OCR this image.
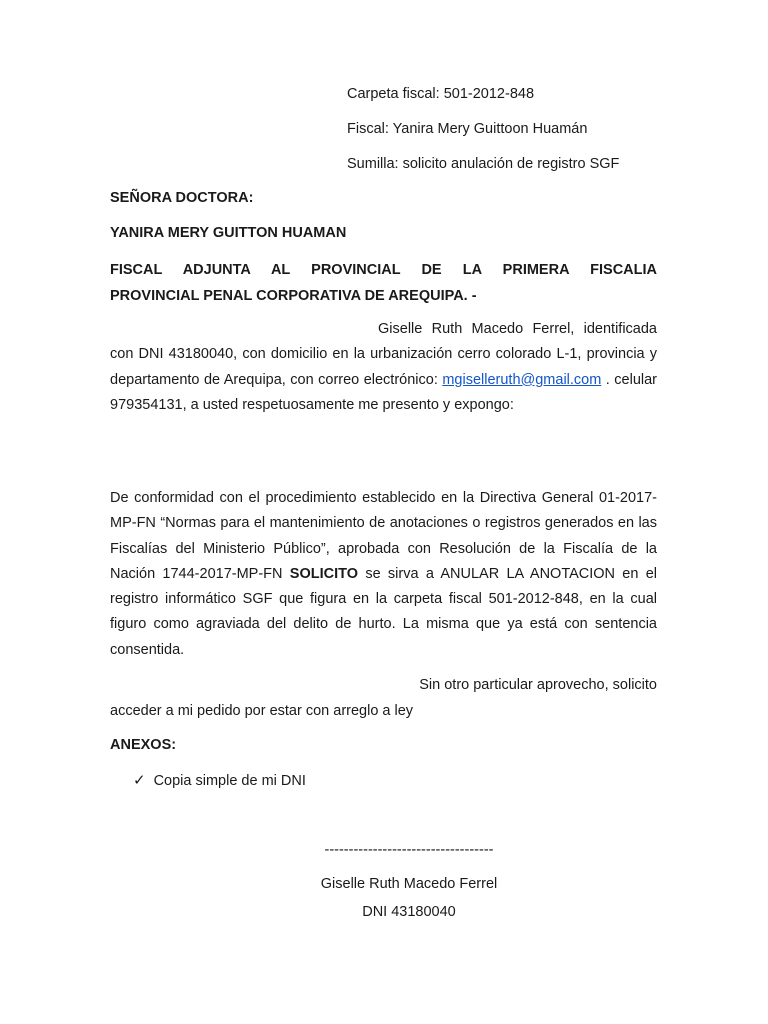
Carpeta fiscal: 501-2012-848
Fiscal: Yanira Mery Guittoon Huamán
Sumilla: solicito anulación de registro SGF
SEÑORA DOCTORA:
YANIRA MERY GUITTON HUAMAN
FISCAL ADJUNTA AL PROVINCIAL DE LA PRIMERA FISCALIA
PROVINCIAL PENAL CORPORATIVA DE AREQUIPA. -
Giselle Ruth Macedo Ferrel, identificada con DNI 43180040, con domicilio en la urbanización cerro colorado L-1, provincia y departamento de Arequipa, con correo electrónico: mgiselleruth@gmail.com . celular 979354131, a usted respetuosamente me presento y expongo:
De conformidad con el procedimiento establecido en la Directiva General 01-2017-MP-FN “Normas para el mantenimiento de anotaciones o registros generados en las Fiscalías del Ministerio Público”, aprobada con Resolución de la Fiscalía de la Nación 1744-2017-MP-FN SOLICITO se sirva a ANULAR LA ANOTACION en el registro informático SGF que figura en la carpeta fiscal 501-2012-848, en la cual figuro como agraviada del delito de hurto. La misma que ya está con sentencia consentida.
Sin otro particular aprovecho, solicito
acceder a mi pedido por estar con arreglo a ley
ANEXOS:
✓ Copia simple de mi DNI
-----------------------------------
Giselle Ruth Macedo Ferrel
DNI 43180040
